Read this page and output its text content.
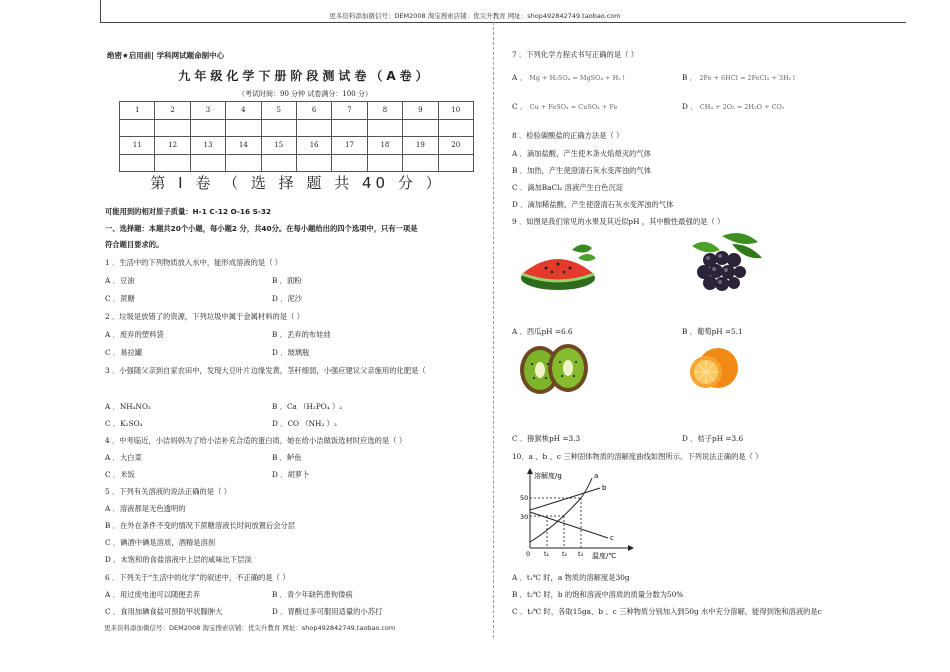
更多资料添加微信号：DEM2008 淘宝搜索店铺：优尖升教育 网址：shop492842749.taobao.com
绝密★启用前| 学科网试题命制中心
九年级化学下册阶段测试卷（A卷）
（考试时间：90 分钟 试卷满分：100 分）
1	2	3	4	5	6	7	8	9	10

11	12	13	14	15	16	17	18	19	20

第 I 卷 （ 选 择 题 共 40 分 ）
可能用到的相对原子质量：H-1 C-12 O-16 S-32
一、选择题：本题共20个小题，每小题2 分，共40分。在每小题给出的四个选项中，只有一项是
符合题目要求的。
1 ．生活中的下列物质放入水中，能形成溶液的是（ ）
A ．豆油	B ．面粉
C ．蔗糖	D ．泥沙
2 ．垃圾是放错了的资源，下列垃圾中属于金属材料的是（ ）
A ．废弃的塑料袋	B ．丢弃的布娃娃
C ．易拉罐	D ．玻璃瓶
3 ．小强随父亲到自家农田中，发现大豆叶片边缘发黄，茎秆细弱，小强应建议父亲施用的化肥是（
A ．NH₄NO₃	B ．Ca （H₂PO₄ ）₂
C ．K₂SO₄	D ．CO （NH₂ ）₂
4 ．中考临近，小洁妈妈为了给小洁补充合适的蛋白质，她在给小洁做饭选材时应选的是（ ）
A ．大白菜	B ．鲈鱼
C ．米饭	D ．胡萝卜
5 ．下列有关溶液的说法正确的是（ ）
A ．溶液都是无色透明的
B ．在外在条件不变的情况下蔗糖溶液长时间放置后会分层
C ．碘酒中碘是溶质，酒精是溶剂
D ．未饱和的食盐溶液中上层的咸味比下层淡
6 ．下列关于“生活中的化学”的叙述中，不正确的是（ ）
A ．用过废电池可以随便丢弃	B ．青少年缺钙患佝偻病
C ．食用加碘食盐可预防甲状腺肿大	D ．胃酸过多可服用适量的小苏打
更多资料添加微信号：DEM2008 淘宝搜索店铺：优尖升教育 网址：shop492842749.taobao.com
7 ．下列化学方程式书写正确的是（ ）
A ． Mg + H₂SO₄ = MgSO₄ + H₂↑	B ． 2Fe + 6HCl = 2FeCl₃ + 3H₂↑
C ． Cu + FeSO₄ = CuSO₄ + Fe	D ． CH₄ + 2O₂ = 2H₂O + CO₂
8 ．检验碳酸盐的正确方法是（ ）
A ．滴加盐酸，产生使木条火焰熄灭的气体
B ．加热，产生使澄清石灰水变浑浊的气体
C ．滴加BaCl₂ 溶液产生白色沉淀
D ．滴加稀盐酸，产生使澄清石灰水变浑浊的气体
9 ．如图是我们常见的水果及其近似pH ，其中酸性最强的是（ ）
A ．西瓜pH =6.6	B ．葡萄pH =5.1
C ．猕猴桃pH =3.3	D ．桔子pH =3.6
10．a 、b 、c 三种固体物质的溶解度曲线如图所示。下列说法正确的是（ ）
溶解度/g
温度/℃
50
30
0 t₁ t₂ t₃
a
b
c
A ．t₁℃ 时，a 物质的溶解度是30g
B ．t₂℃ 时，b 的饱和溶液中溶质的质量分数为50%
C ．t₃℃ 时，各取15ga、b 、c 三种物质分别加入到50g 水中充分溶解，能得到饱和溶液的是c
